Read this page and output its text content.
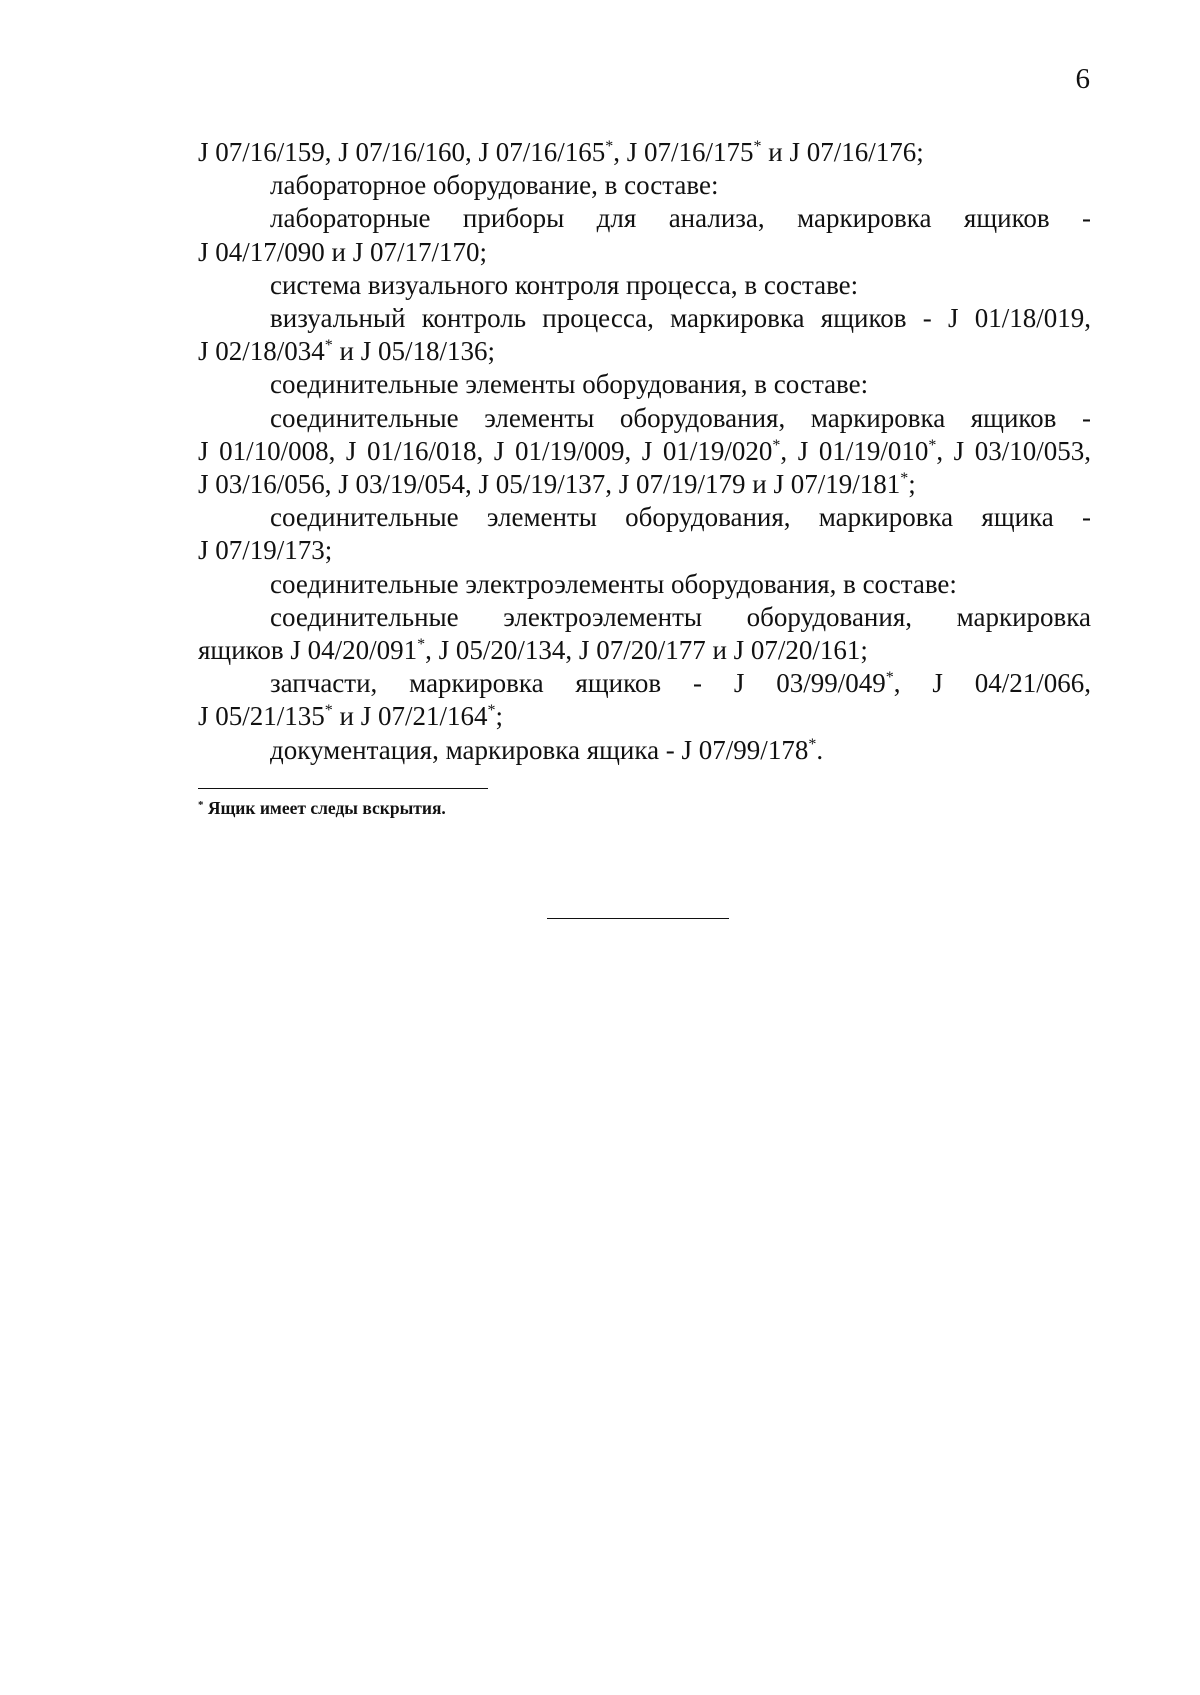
6

J 07/16/159, J 07/16/160, J 07/16/165*, J 07/16/175* и J 07/16/176;

лабораторное оборудование, в составе:

лабораторные приборы для анализа, маркировка ящиков -

J 04/17/090 и J 07/17/170;

система визуального контроля процесса, в составе:

визуальный контроль процесса, маркировка ящиков - J 01/18/019,

J 02/18/034* и J 05/18/136;

соединительные элементы оборудования, в составе:

соединительные элементы оборудования, маркировка ящиков -

J 01/10/008, J 01/16/018, J 01/19/009, J 01/19/020*, J 01/19/010*, J 03/10/053,

J 03/16/056, J 03/19/054, J 05/19/137, J 07/19/179 и J 07/19/181*;

соединительные элементы оборудования, маркировка ящика -

J 07/19/173;

соединительные электроэлементы оборудования, в составе:

соединительные электроэлементы оборудования, маркировка

ящиков J 04/20/091*, J 05/20/134, J 07/20/177 и J 07/20/161;

запчасти, маркировка ящиков - J 03/99/049*, J 04/21/066,

J 05/21/135* и J 07/21/164*;

документация, маркировка ящика - J 07/99/178*.

* Ящик имеет следы вскрытия.
